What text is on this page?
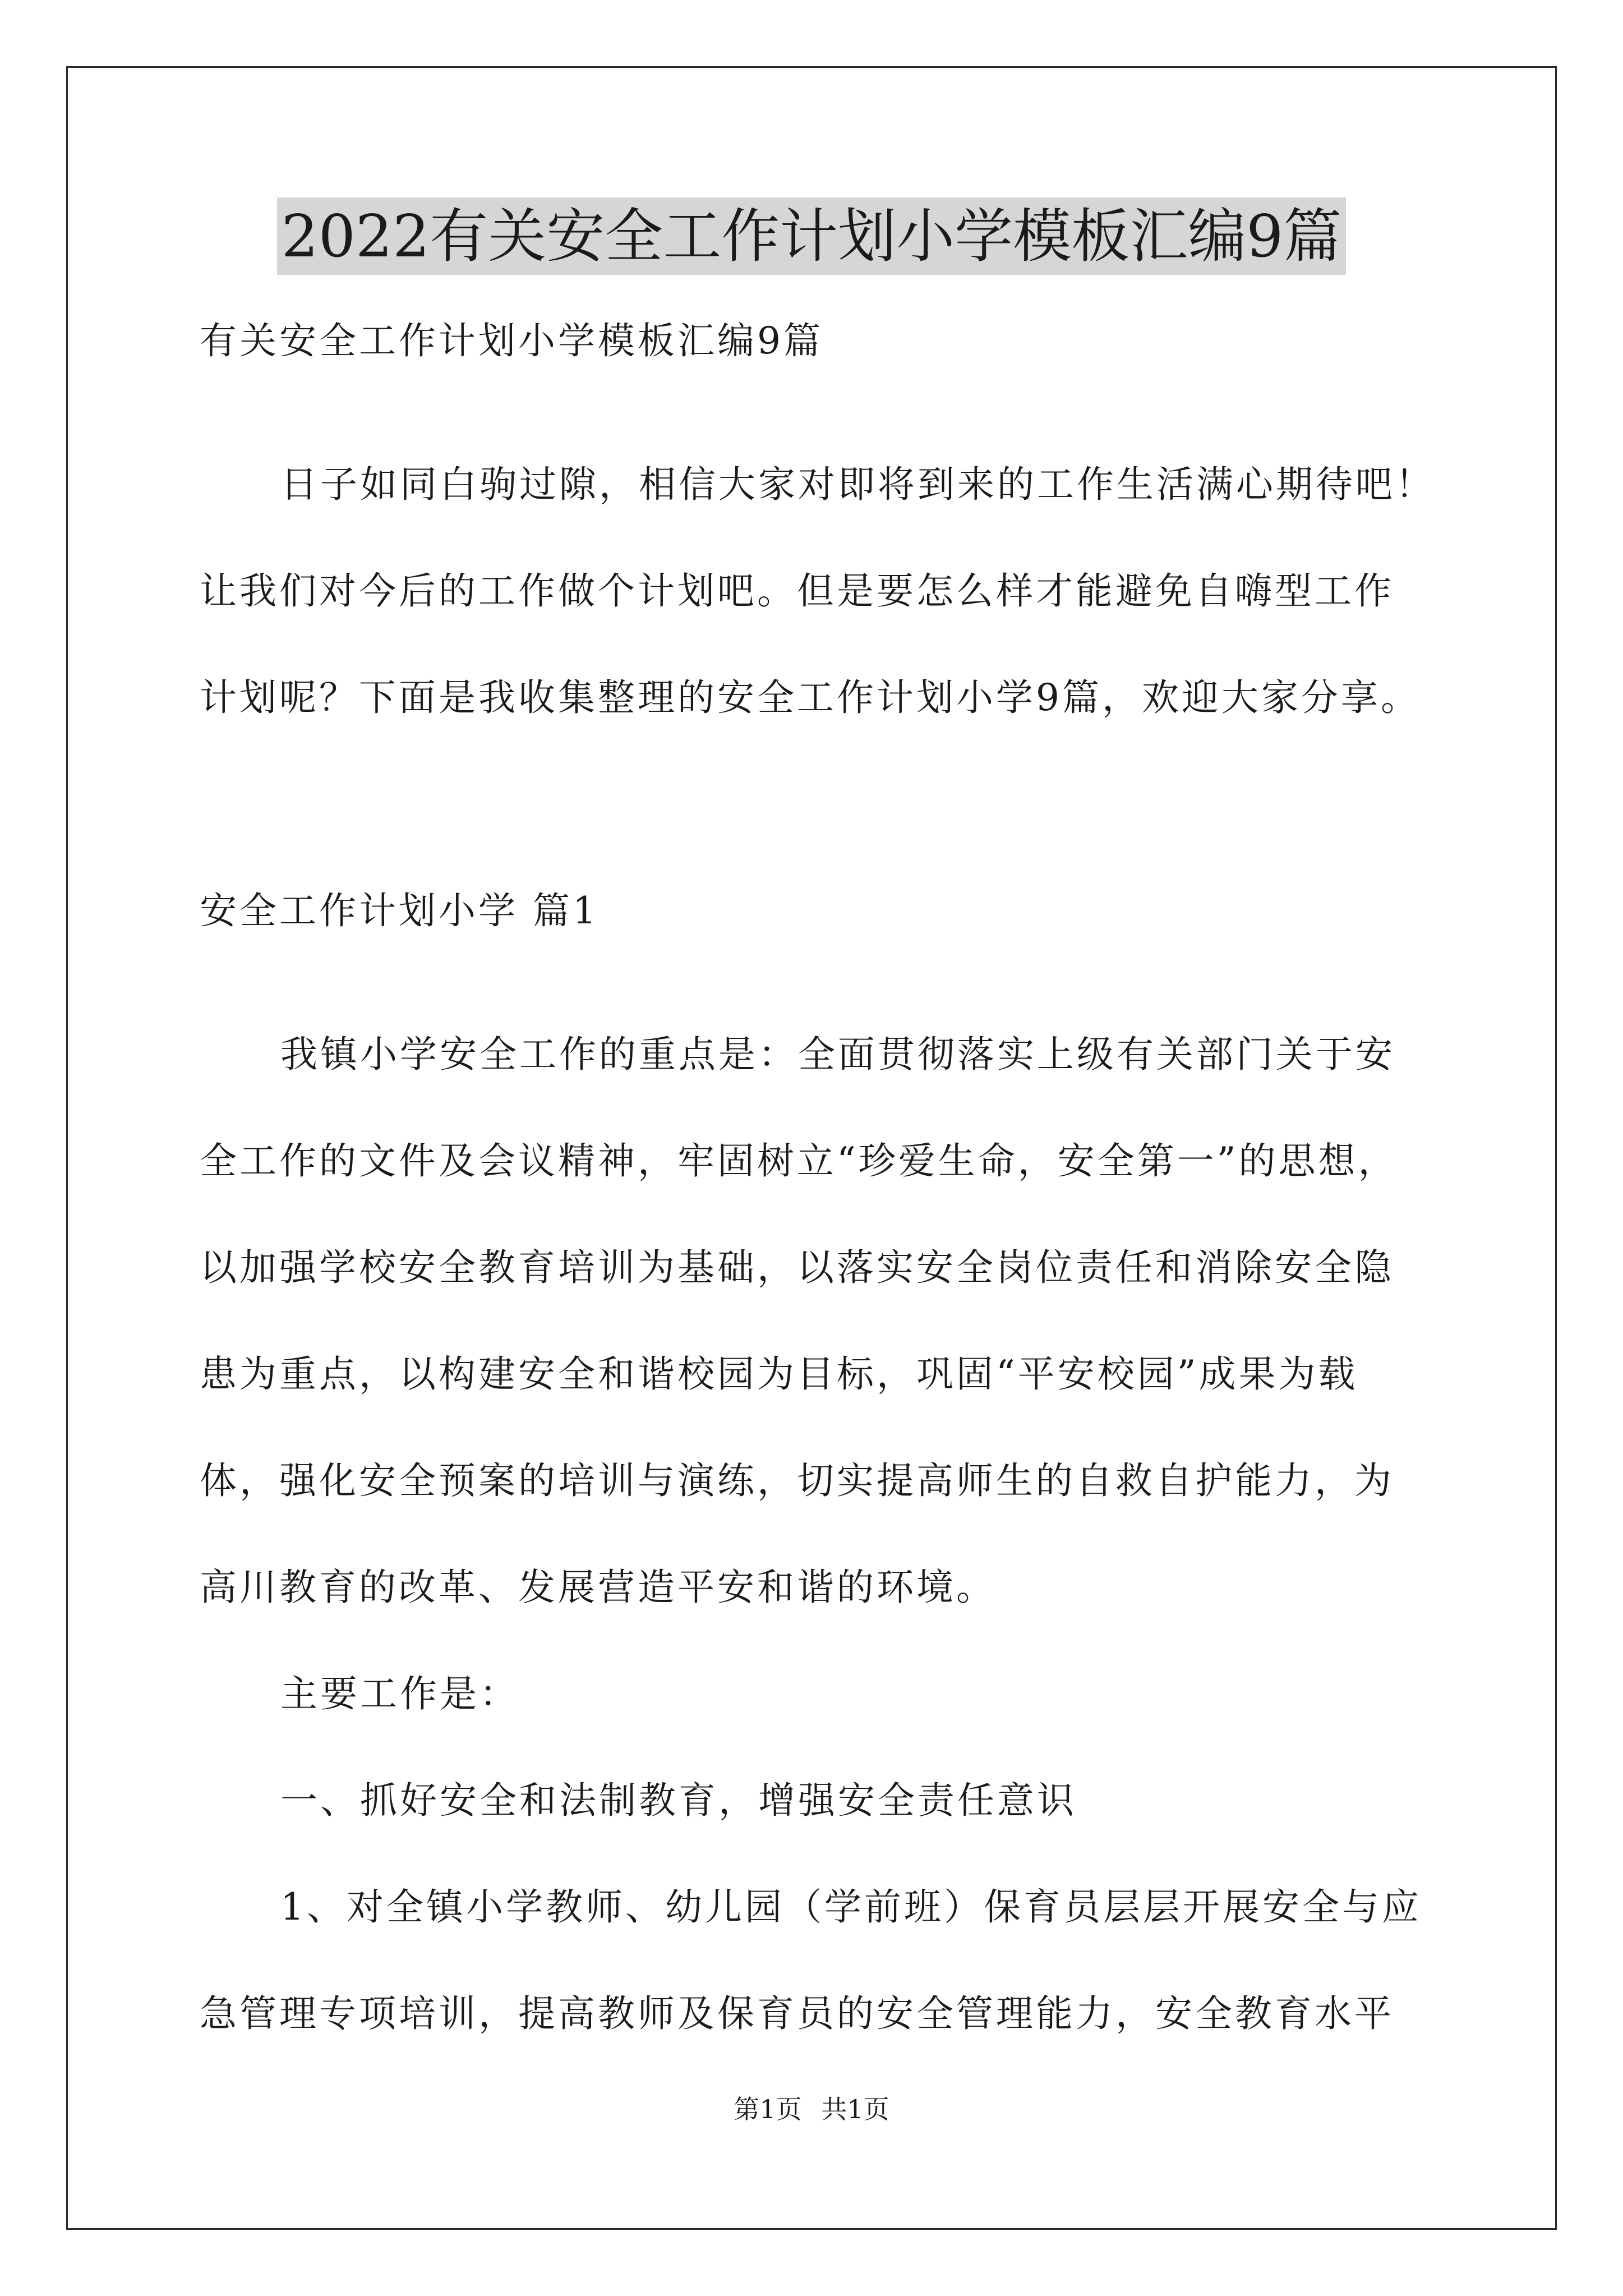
2022有关安全工作计划小学模板汇编9篇
有关安全工作计划小学模板汇编9篇
日子如同白驹过隙，相信大家对即将到来的工作生活满心期待吧！
让我们对今后的工作做个计划吧。但是要怎么样才能避免自嗨型工作
计划呢？下面是我收集整理的安全工作计划小学9篇，欢迎大家分享。
安全工作计划小学 篇1
我镇小学安全工作的重点是：全面贯彻落实上级有关部门关于安
全工作的文件及会议精神，牢固树立“珍爱生命，安全第一”的思想，
以加强学校安全教育培训为基础，以落实安全岗位责任和消除安全隐
患为重点，以构建安全和谐校园为目标，巩固“平安校园”成果为载
体，强化安全预案的培训与演练，切实提高师生的自救自护能力，为
高川教育的改革、发展营造平安和谐的环境。
主要工作是：
一、抓好安全和法制教育，增强安全责任意识
1、对全镇小学教师、幼儿园（学前班）保育员层层开展安全与应
急管理专项培训，提高教师及保育员的安全管理能力，安全教育水平
第1页 共1页
